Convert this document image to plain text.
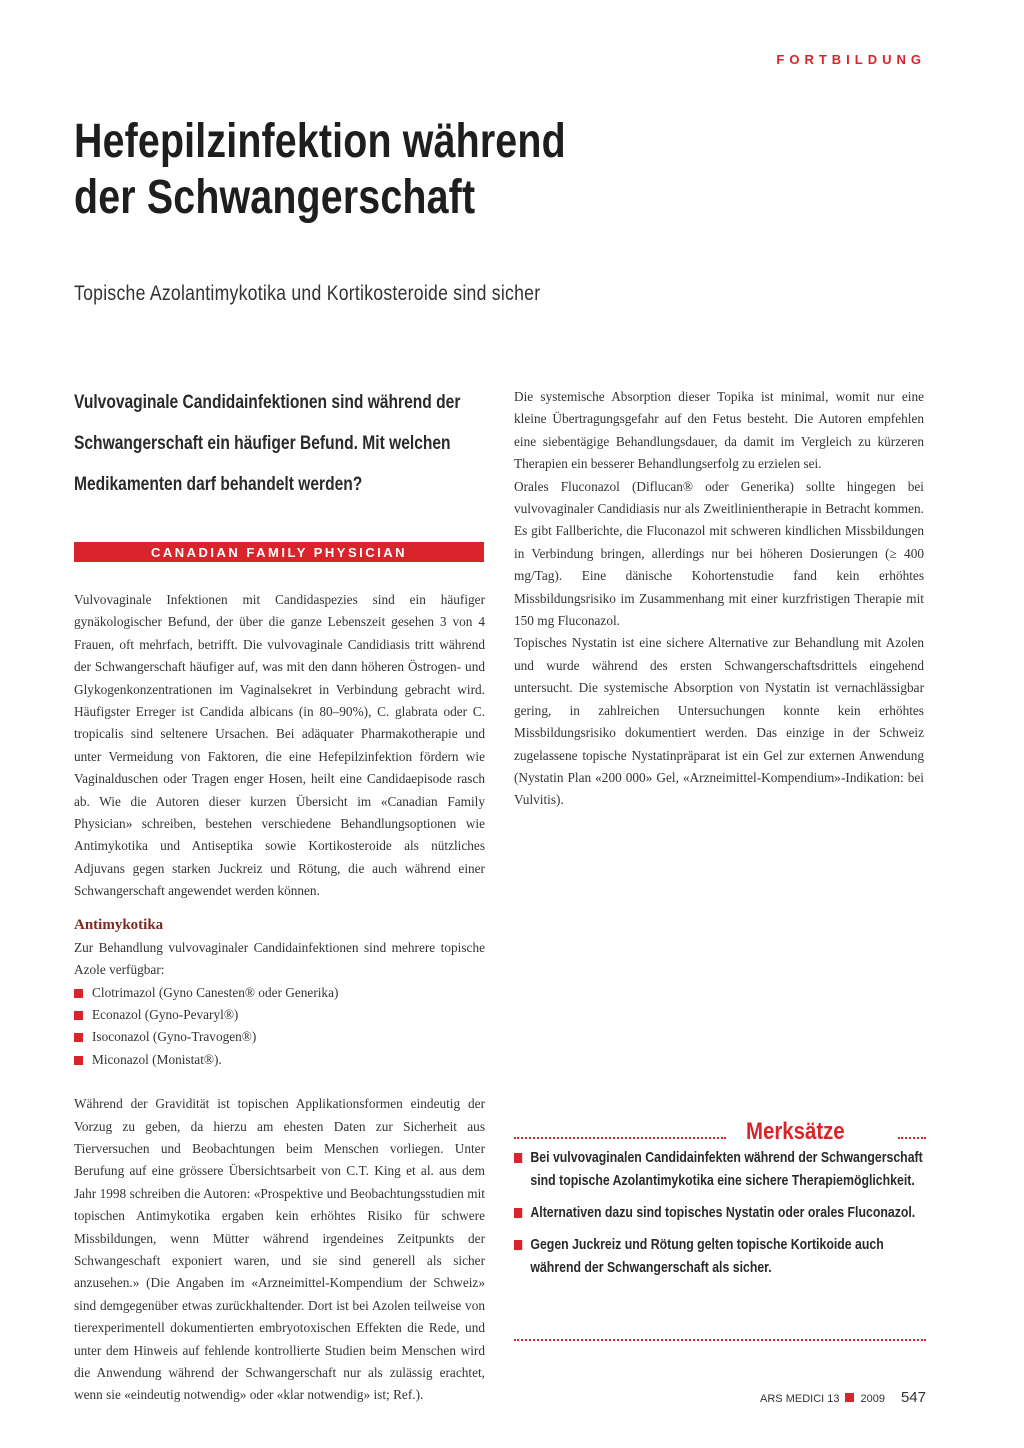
FORTBILDUNG
Hefepilzinfektion während
der Schwangerschaft
Topische Azolantimykotika und Kortikosteroide sind sicher
Vulvovaginale Candidainfektionen sind während der Schwangerschaft ein häufiger Befund. Mit welchen Medikamenten darf behandelt werden?
CANADIAN FAMILY PHYSICIAN

Vulvovaginale Infektionen mit Candidaspezies sind ein häufiger gynäkologischer Befund, der über die ganze Lebenszeit gesehen 3 von 4 Frauen, oft mehrfach, betrifft. Die vulvovaginale Candidiasis tritt während der Schwangerschaft häufiger auf, was mit den dann höheren Östrogen- und Glykogenkonzentrationen im Vaginalsekret in Verbindung gebracht wird. Häufigster Erreger ist Candida albicans (in 80–90%), C. glabrata oder C. tropicalis sind seltenere Ursachen. Bei adäquater Pharmakotherapie und unter Vermeidung von Faktoren, die eine Hefepilzinfektion fördern wie Vaginalduschen oder Tragen enger Hosen, heilt eine Candidaepisode rasch ab. Wie die Autoren dieser kurzen Übersicht im «Canadian Family Physician» schreiben, bestehen verschiedene Behandlungsoptionen wie Antimykotika und Antiseptika sowie Kortikosteroide als nützliches Adjuvans gegen starken Juckreiz und Rötung, die auch während einer Schwangerschaft angewendet werden können.

Antimykotika

Zur Behandlung vulvovaginaler Candidainfektionen sind mehrere topische Azole verfügbar:

Clotrimazol (Gyno Canesten® oder Generika)
Econazol (Gyno-Pevaryl®)
Isoconazol (Gyno-Travogen®)
Miconazol (Monistat®).

Während der Gravidität ist topischen Applikationsformen eindeutig der Vorzug zu geben, da hierzu am ehesten Daten zur Sicherheit aus Tierversuchen und Beobachtungen beim Menschen vorliegen. Unter Berufung auf eine grössere Übersichtsarbeit von C.T. King et al. aus dem Jahr 1998 schreiben die Autoren: «Prospektive und Beobachtungsstudien mit topischen Antimykotika ergaben kein erhöhtes Risiko für schwere Missbildungen, wenn Mütter während irgendeines Zeitpunkts der Schwangeschaft exponiert waren, und sie sind generell als sicher anzusehen.» (Die Angaben im «Arzneimittel-Kompendium der Schweiz» sind demgegenüber etwas zurückhaltender. Dort ist bei Azolen teilweise von tierexperimentell dokumentierten embryotoxischen Effekten die Rede, und unter dem Hinweis auf fehlende kontrollierte Studien beim Menschen wird die Anwendung während der Schwangerschaft nur als zulässig erachtet, wenn sie «eindeutig notwendig» oder «klar notwendig» ist; Ref.).

Die systemische Absorption dieser Topika ist minimal, womit nur eine kleine Übertragungsgefahr auf den Fetus besteht. Die Autoren empfehlen eine siebentägige Behandlungsdauer, da damit im Vergleich zu kürzeren Therapien ein besserer Behandlungserfolg zu erzielen sei.

Orales Fluconazol (Diflucan® oder Generika) sollte hingegen bei vulvovaginaler Candidiasis nur als Zweitlinientherapie in Betracht kommen. Es gibt Fallberichte, die Fluconazol mit schweren kindlichen Missbildungen in Verbindung bringen, allerdings nur bei höheren Dosierungen (≥ 400 mg/Tag). Eine dänische Kohortenstudie fand kein erhöhtes Missbildungsrisiko im Zusammenhang mit einer kurzfristigen Therapie mit 150 mg Fluconazol.

Topisches Nystatin ist eine sichere Alternative zur Behandlung mit Azolen und wurde während des ersten Schwangerschaftsdrittels eingehend untersucht. Die systemische Absorption von Nystatin ist vernachlässigbar gering, in zahlreichen Untersuchungen konnte kein erhöhtes Missbildungsrisiko dokumentiert werden. Das einzige in der Schweiz zugelassene topische Nystatinpräparat ist ein Gel zur externen Anwendung (Nystatin Plan «200 000» Gel, «Arzneimittel-Kompendium»-Indikation: bei Vulvitis).

Merksätze
Bei vulvovaginalen Candidainfekten während der Schwangerschaft sind topische Azolantimykotika eine sichere Therapiemöglichkeit.
Alternativen dazu sind topisches Nystatin oder orales Fluconazol.
Gegen Juckreiz und Rötung gelten topische Kortikoide auch während der Schwangerschaft als sicher.
ARS MEDICI 13 2009 547
